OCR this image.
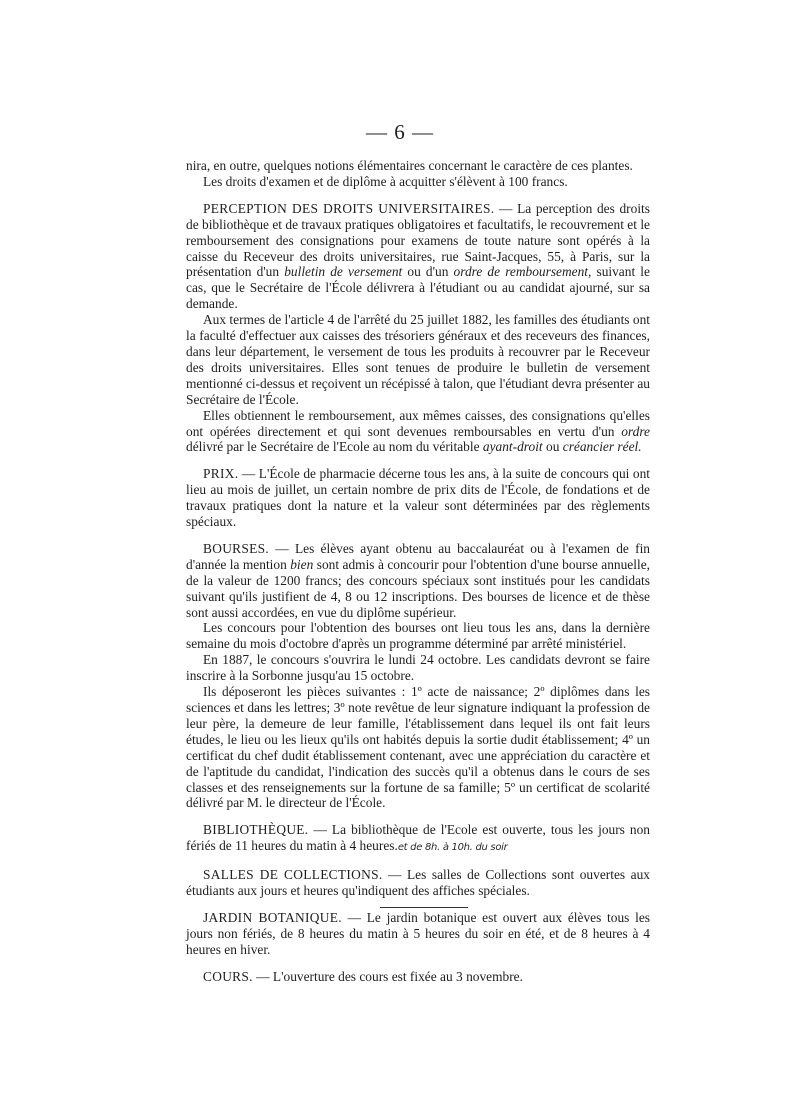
— 6 —

nira, en outre, quelques notions élémentaires concernant le caractère de ces plantes.

Les droits d'examen et de diplôme à acquitter s'élèvent à 100 francs.

PERCEPTION DES DROITS UNIVERSITAIRES. — La perception des droits de bibliothèque et de travaux pratiques obligatoires et facultatifs, le recouvrement et le remboursement des consignations pour examens de toute nature sont opérés à la caisse du Receveur des droits universitaires, rue Saint-Jacques, 55, à Paris, sur la présentation d'un bulletin de versement ou d'un ordre de remboursement, suivant le cas, que le Secrétaire de l'École délivrera à l'étudiant ou au candidat ajourné, sur sa demande.

Aux termes de l'article 4 de l'arrêté du 25 juillet 1882, les familles des étudiants ont la faculté d'effectuer aux caisses des trésoriers généraux et des receveurs des finances, dans leur département, le versement de tous les produits à recouvrer par le Receveur des droits universitaires. Elles sont tenues de produire le bulletin de versement mentionné ci-dessus et reçoivent un récépissé à talon, que l'étudiant devra présenter au Secrétaire de l'École.

Elles obtiennent le remboursement, aux mêmes caisses, des consignations qu'elles ont opérées directement et qui sont devenues remboursables en vertu d'un ordre délivré par le Secrétaire de l'Ecole au nom du véritable ayant-droit ou créancier réel.

PRIX. — L'École de pharmacie décerne tous les ans, à la suite de concours qui ont lieu au mois de juillet, un certain nombre de prix dits de l'École, de fondations et de travaux pratiques dont la nature et la valeur sont déterminées par des règlements spéciaux.

BOURSES. — Les élèves ayant obtenu au baccalauréat ou à l'examen de fin d'année la mention bien sont admis à concourir pour l'obtention d'une bourse annuelle, de la valeur de 1200 francs; des concours spéciaux sont institués pour les candidats suivant qu'ils justifient de 4, 8 ou 12 inscriptions. Des bourses de licence et de thèse sont aussi accordées, en vue du diplôme supérieur.

Les concours pour l'obtention des bourses ont lieu tous les ans, dans la dernière semaine du mois d'octobre d'après un programme déterminé par arrêté ministériel.

En 1887, le concours s'ouvrira le lundi 24 octobre. Les candidats devront se faire inscrire à la Sorbonne jusqu'au 15 octobre.

Ils déposeront les pièces suivantes : 1º acte de naissance; 2º diplômes dans les sciences et dans les lettres; 3º note revêtue de leur signature indiquant la profession de leur père, la demeure de leur famille, l'établissement dans lequel ils ont fait leurs études, le lieu ou les lieux qu'ils ont habités depuis la sortie dudit établissement; 4º un certificat du chef dudit établissement contenant, avec une appréciation du caractère et de l'aptitude du candidat, l'indication des succès qu'il a obtenus dans le cours de ses classes et des renseignements sur la fortune de sa famille; 5º un certificat de scolarité délivré par M. le directeur de l'École.

BIBLIOTHÈQUE. — La bibliothèque de l'Ecole est ouverte, tous les jours non fériés de 11 heures du matin à 4 heures.et de 8h. à 10h. du soir

SALLES DE COLLECTIONS. — Les salles de Collections sont ouvertes aux étudiants aux jours et heures qu'indiquent des affiches spéciales.

JARDIN BOTANIQUE. — Le jardin botanique est ouvert aux élèves tous les jours non fériés, de 8 heures du matin à 5 heures du soir en été, et de 8 heures à 4 heures en hiver.

COURS. — L'ouverture des cours est fixée au 3 novembre.
